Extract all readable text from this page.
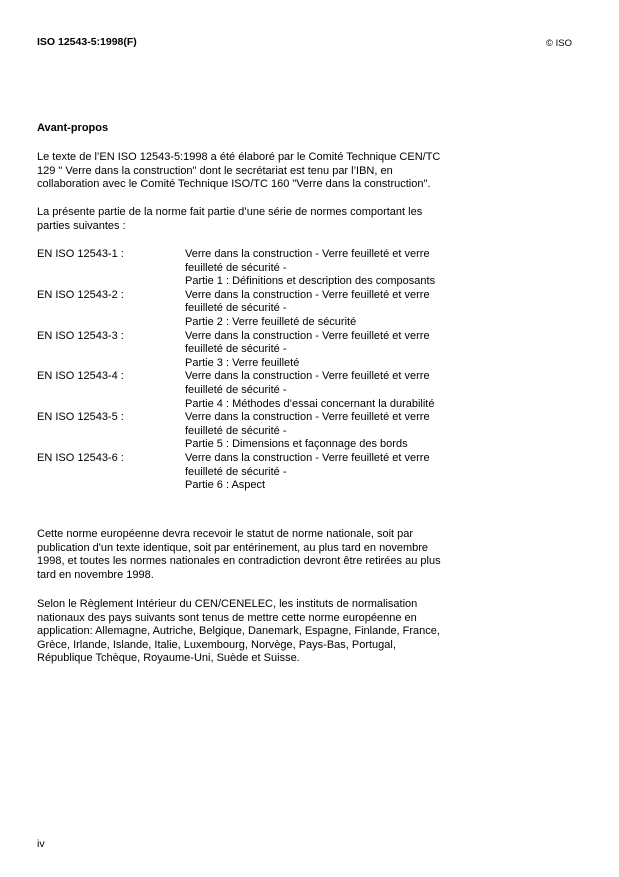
ISO 12543-5:1998(F)	© ISO
Avant-propos
Le texte de l’EN ISO 12543-5:1998 a été élaboré par le Comité Technique CEN/TC
129 " Verre dans la construction" dont le secrétariat est tenu par l’IBN, en
collaboration avec le Comité Technique ISO/TC 160 "Verre dans la construction".
La présente partie de la norme fait partie d’une série de normes comportant les
parties suivantes :
EN ISO 12543-1 :	Verre dans la construction - Verre feuilleté et verre
feuilleté de sécurité -
Partie 1 : Définitions et description des composants
EN ISO 12543-2 :	Verre dans la construction - Verre feuilleté et verre
feuilleté de sécurité -
Partie 2 : Verre feuilleté de sécurité
EN ISO 12543-3 :	Verre dans la construction - Verre feuilleté et verre
feuilleté de sécurité -
Partie 3 : Verre feuilleté
EN ISO 12543-4 :	Verre dans la construction - Verre feuilleté et verre
feuilleté de sécurité -
Partie 4 : Méthodes d’essai concernant la durabilité
EN ISO 12543-5 :	Verre dans la construction - Verre feuilleté et verre
feuilleté de sécurité -
Partie 5 : Dimensions et façonnage des bords
EN ISO 12543-6 :	Verre dans la construction - Verre feuilleté et verre
feuilleté de sécurité -
Partie 6 : Aspect
Cette norme européenne devra recevoir le statut de norme nationale, soit par
publication d'un texte identique, soit par entérinement, au plus tard en novembre
1998, et toutes les normes nationales en contradiction devront être retirées au plus
tard en novembre 1998.
Selon le Règlement Intérieur du CEN/CENELEC, les instituts de normalisation
nationaux des pays suivants sont tenus de mettre cette norme européenne en
application: Allemagne, Autriche, Belgique, Danemark, Espagne, Finlande, France,
Grèce, Irlande, Islande, Italie, Luxembourg, Norvège, Pays-Bas, Portugal,
République Tchèque, Royaume-Uni, Suède et Suisse.
iv
